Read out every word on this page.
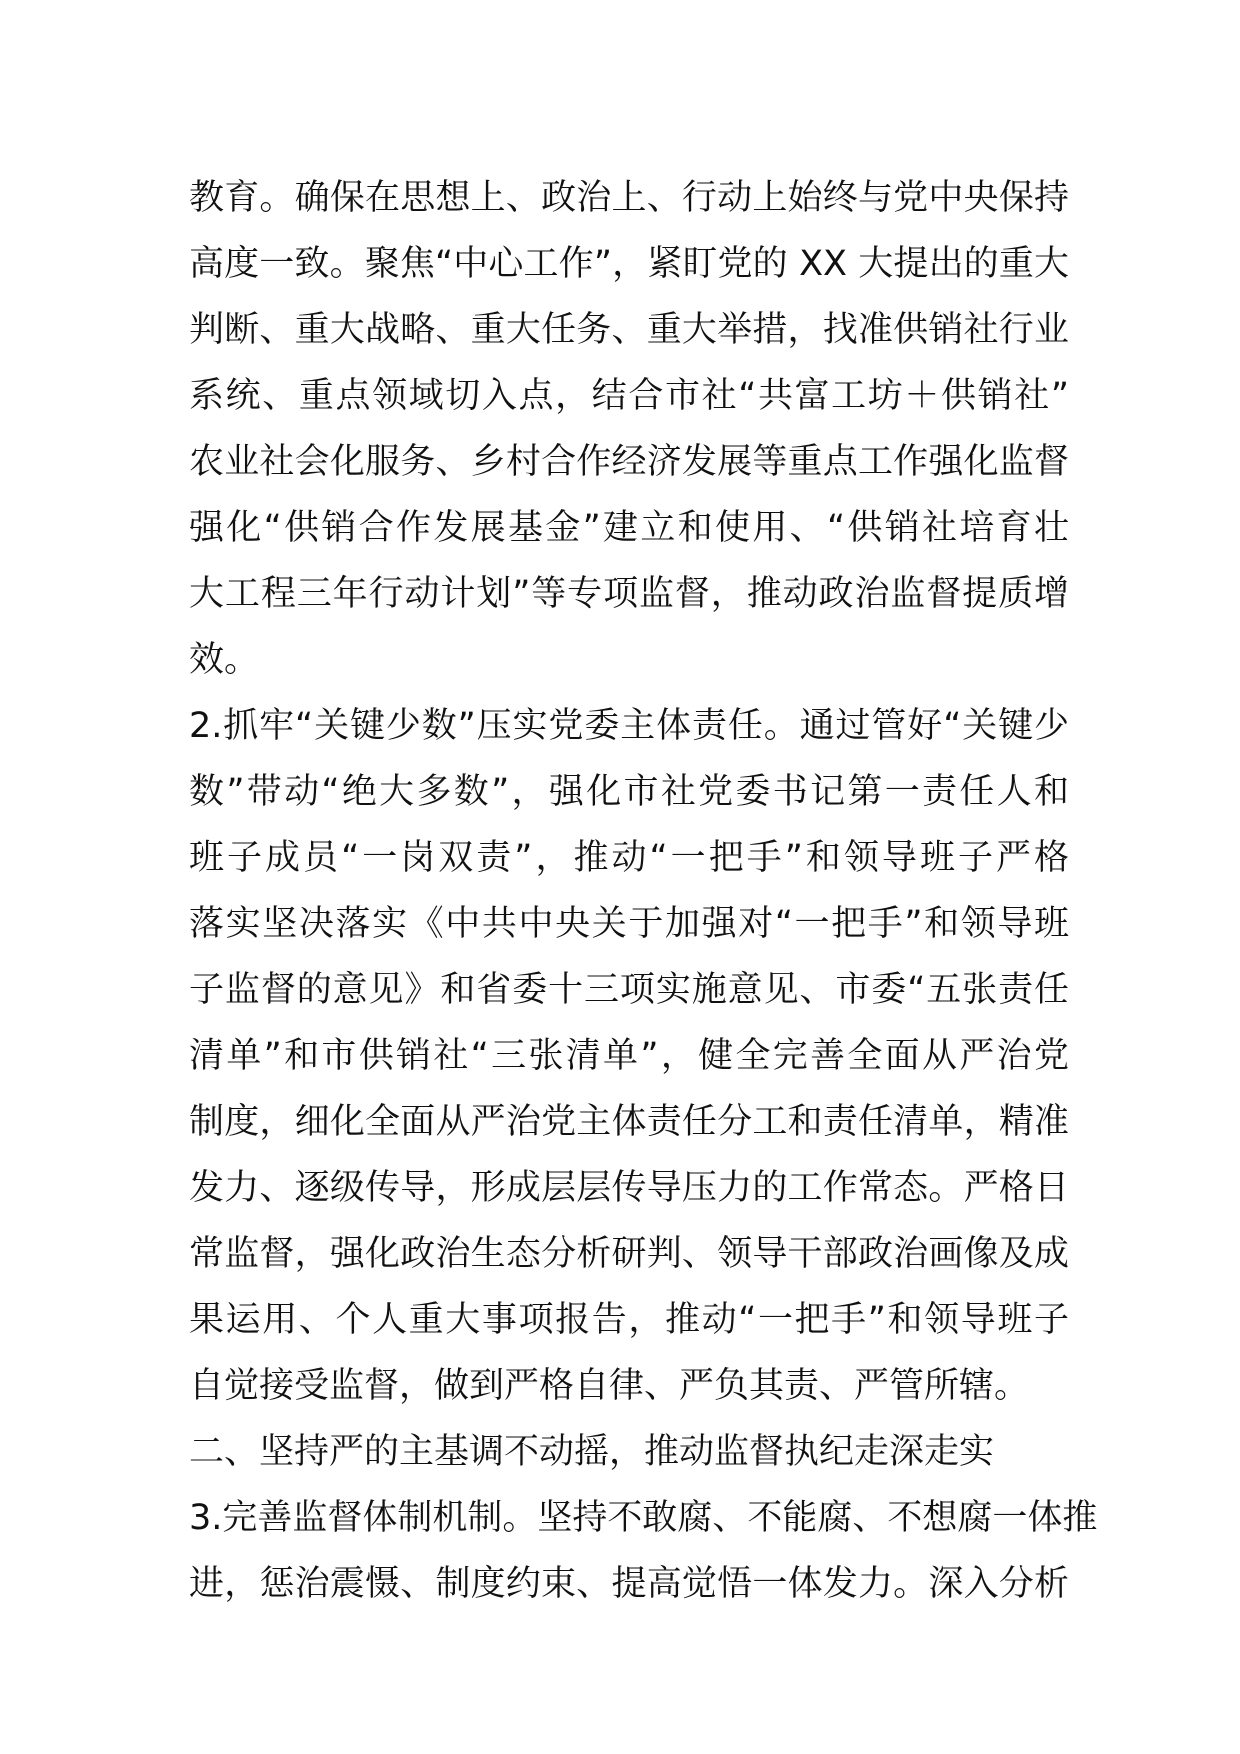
教育。确保在思想上、政治上、行动上始终与党中央保持
高度一致。聚焦“中心工作”，紧盯党的 XX 大提出的重大
判断、重大战略、重大任务、重大举措，找准供销社行业
系统、重点领域切入点，结合市社“共富工坊＋供销社”
农业社会化服务、乡村合作经济发展等重点工作强化监督
强化“供销合作发展基金”建立和使用、“供销社培育壮
大工程三年行动计划”等专项监督，推动政治监督提质增
效。
2.抓牢“关键少数”压实党委主体责任。通过管好“关键少
数”带动“绝大多数”，强化市社党委书记第一责任人和
班子成员“一岗双责”，推动“一把手”和领导班子严格
落实坚决落实《中共中央关于加强对“一把手”和领导班
子监督的意见》和省委十三项实施意见、市委“五张责任
清单”和市供销社“三张清单”，健全完善全面从严治党
制度，细化全面从严治党主体责任分工和责任清单，精准
发力、逐级传导，形成层层传导压力的工作常态。严格日
常监督，强化政治生态分析研判、领导干部政治画像及成
果运用、个人重大事项报告，推动“一把手”和领导班子
自觉接受监督，做到严格自律、严负其责、严管所辖。
二、坚持严的主基调不动摇，推动监督执纪走深走实
3.完善监督体制机制。坚持不敢腐、不能腐、不想腐一体推
进，惩治震慑、制度约束、提高觉悟一体发力。深入分析
